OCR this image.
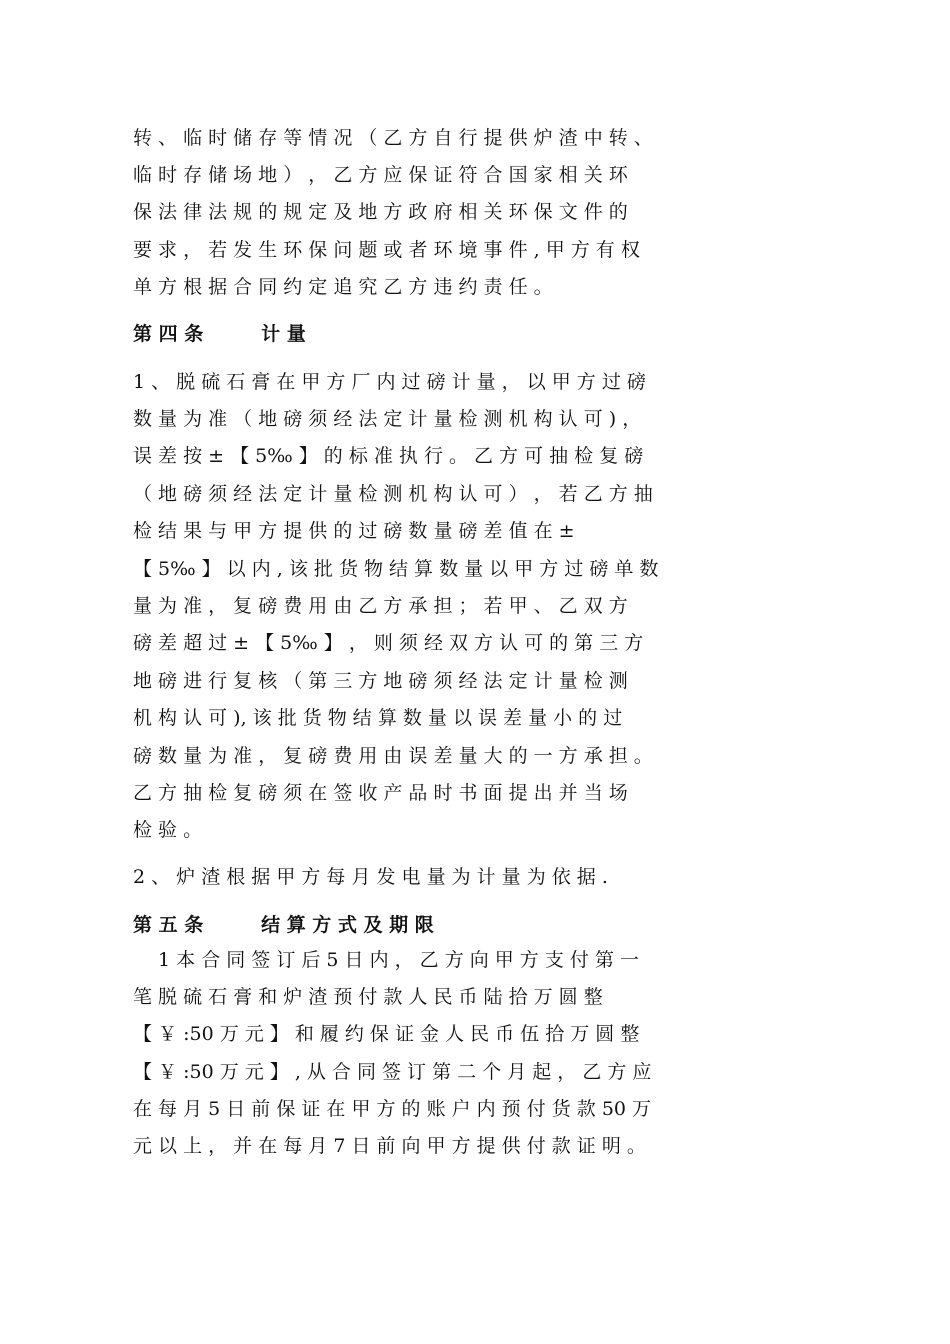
转 、 临 时 储 存 等 情 况 （ 乙 方 自 行 提 供 炉 渣 中 转 、
临 时 存 储 场 地 ） ， 乙 方 应 保 证 符 合 国 家 相 关 环
保 法 律 法 规 的 规 定 及 地 方 政 府 相 关 环 保 文 件 的
要 求 ， 若 发 生 环 保 问 题 或 者 环 境 事 件 , 甲 方 有 权
单 方 根 据 合 同 约 定 追 究 乙 方 违 约 责 任 。
第 四 条 　 　 计 量
1 、 脱 硫 石 膏 在 甲 方 厂 内 过 磅 计 量 ， 以 甲 方 过 磅
数 量 为 准 （ 地 磅 须 经 法 定 计 量 检 测 机 构 认 可 ) ，
误 差 按 ± 【 5‰ 】 的 标 准 执 行 。 乙 方 可 抽 检 复 磅
（ 地 磅 须 经 法 定 计 量 检 测 机 构 认 可 ） ， 若 乙 方 抽
检 结 果 与 甲 方 提 供 的 过 磅 数 量 磅 差 值 在 ±
【 5‰ 】 以 内 , 该 批 货 物 结 算 数 量 以 甲 方 过 磅 单 数
量 为 准 ， 复 磅 费 用 由 乙 方 承 担 ； 若 甲 、 乙 双 方
磅 差 超 过 ± 【 5‰ 】 ， 则 须 经 双 方 认 可 的 第 三 方
地 磅 进 行 复 核 （ 第 三 方 地 磅 须 经 法 定 计 量 检 测
机 构 认 可 ), 该 批 货 物 结 算 数 量 以 误 差 量 小 的 过
磅 数 量 为 准 ， 复 磅 费 用 由 误 差 量 大 的 一 方 承 担 。
乙 方 抽 检 复 磅 须 在 签 收 产 品 时 书 面 提 出 并 当 场
检 验 。
2 、 炉 渣 根 据 甲 方 每 月 发 电 量 为 计 量 为 依 据 .
第 五 条 　 　 结 算 方 式 及 期 限
　 1 本 合 同 签 订 后 5 日 内 ， 乙 方 向 甲 方 支 付 第 一
笔 脱 硫 石 膏 和 炉 渣 预 付 款 人 民 币 陆 拾 万 圆 整
【 ￥ :50 万 元 】 和 履 约 保 证 金 人 民 币 伍 拾 万 圆 整
【 ￥ :50 万 元 】 , 从 合 同 签 订 第 二 个 月 起 ， 乙 方 应
在 每 月 5 日 前 保 证 在 甲 方 的 账 户 内 预 付 货 款 50 万
元 以 上 ， 并 在 每 月 7 日 前 向 甲 方 提 供 付 款 证 明 。
